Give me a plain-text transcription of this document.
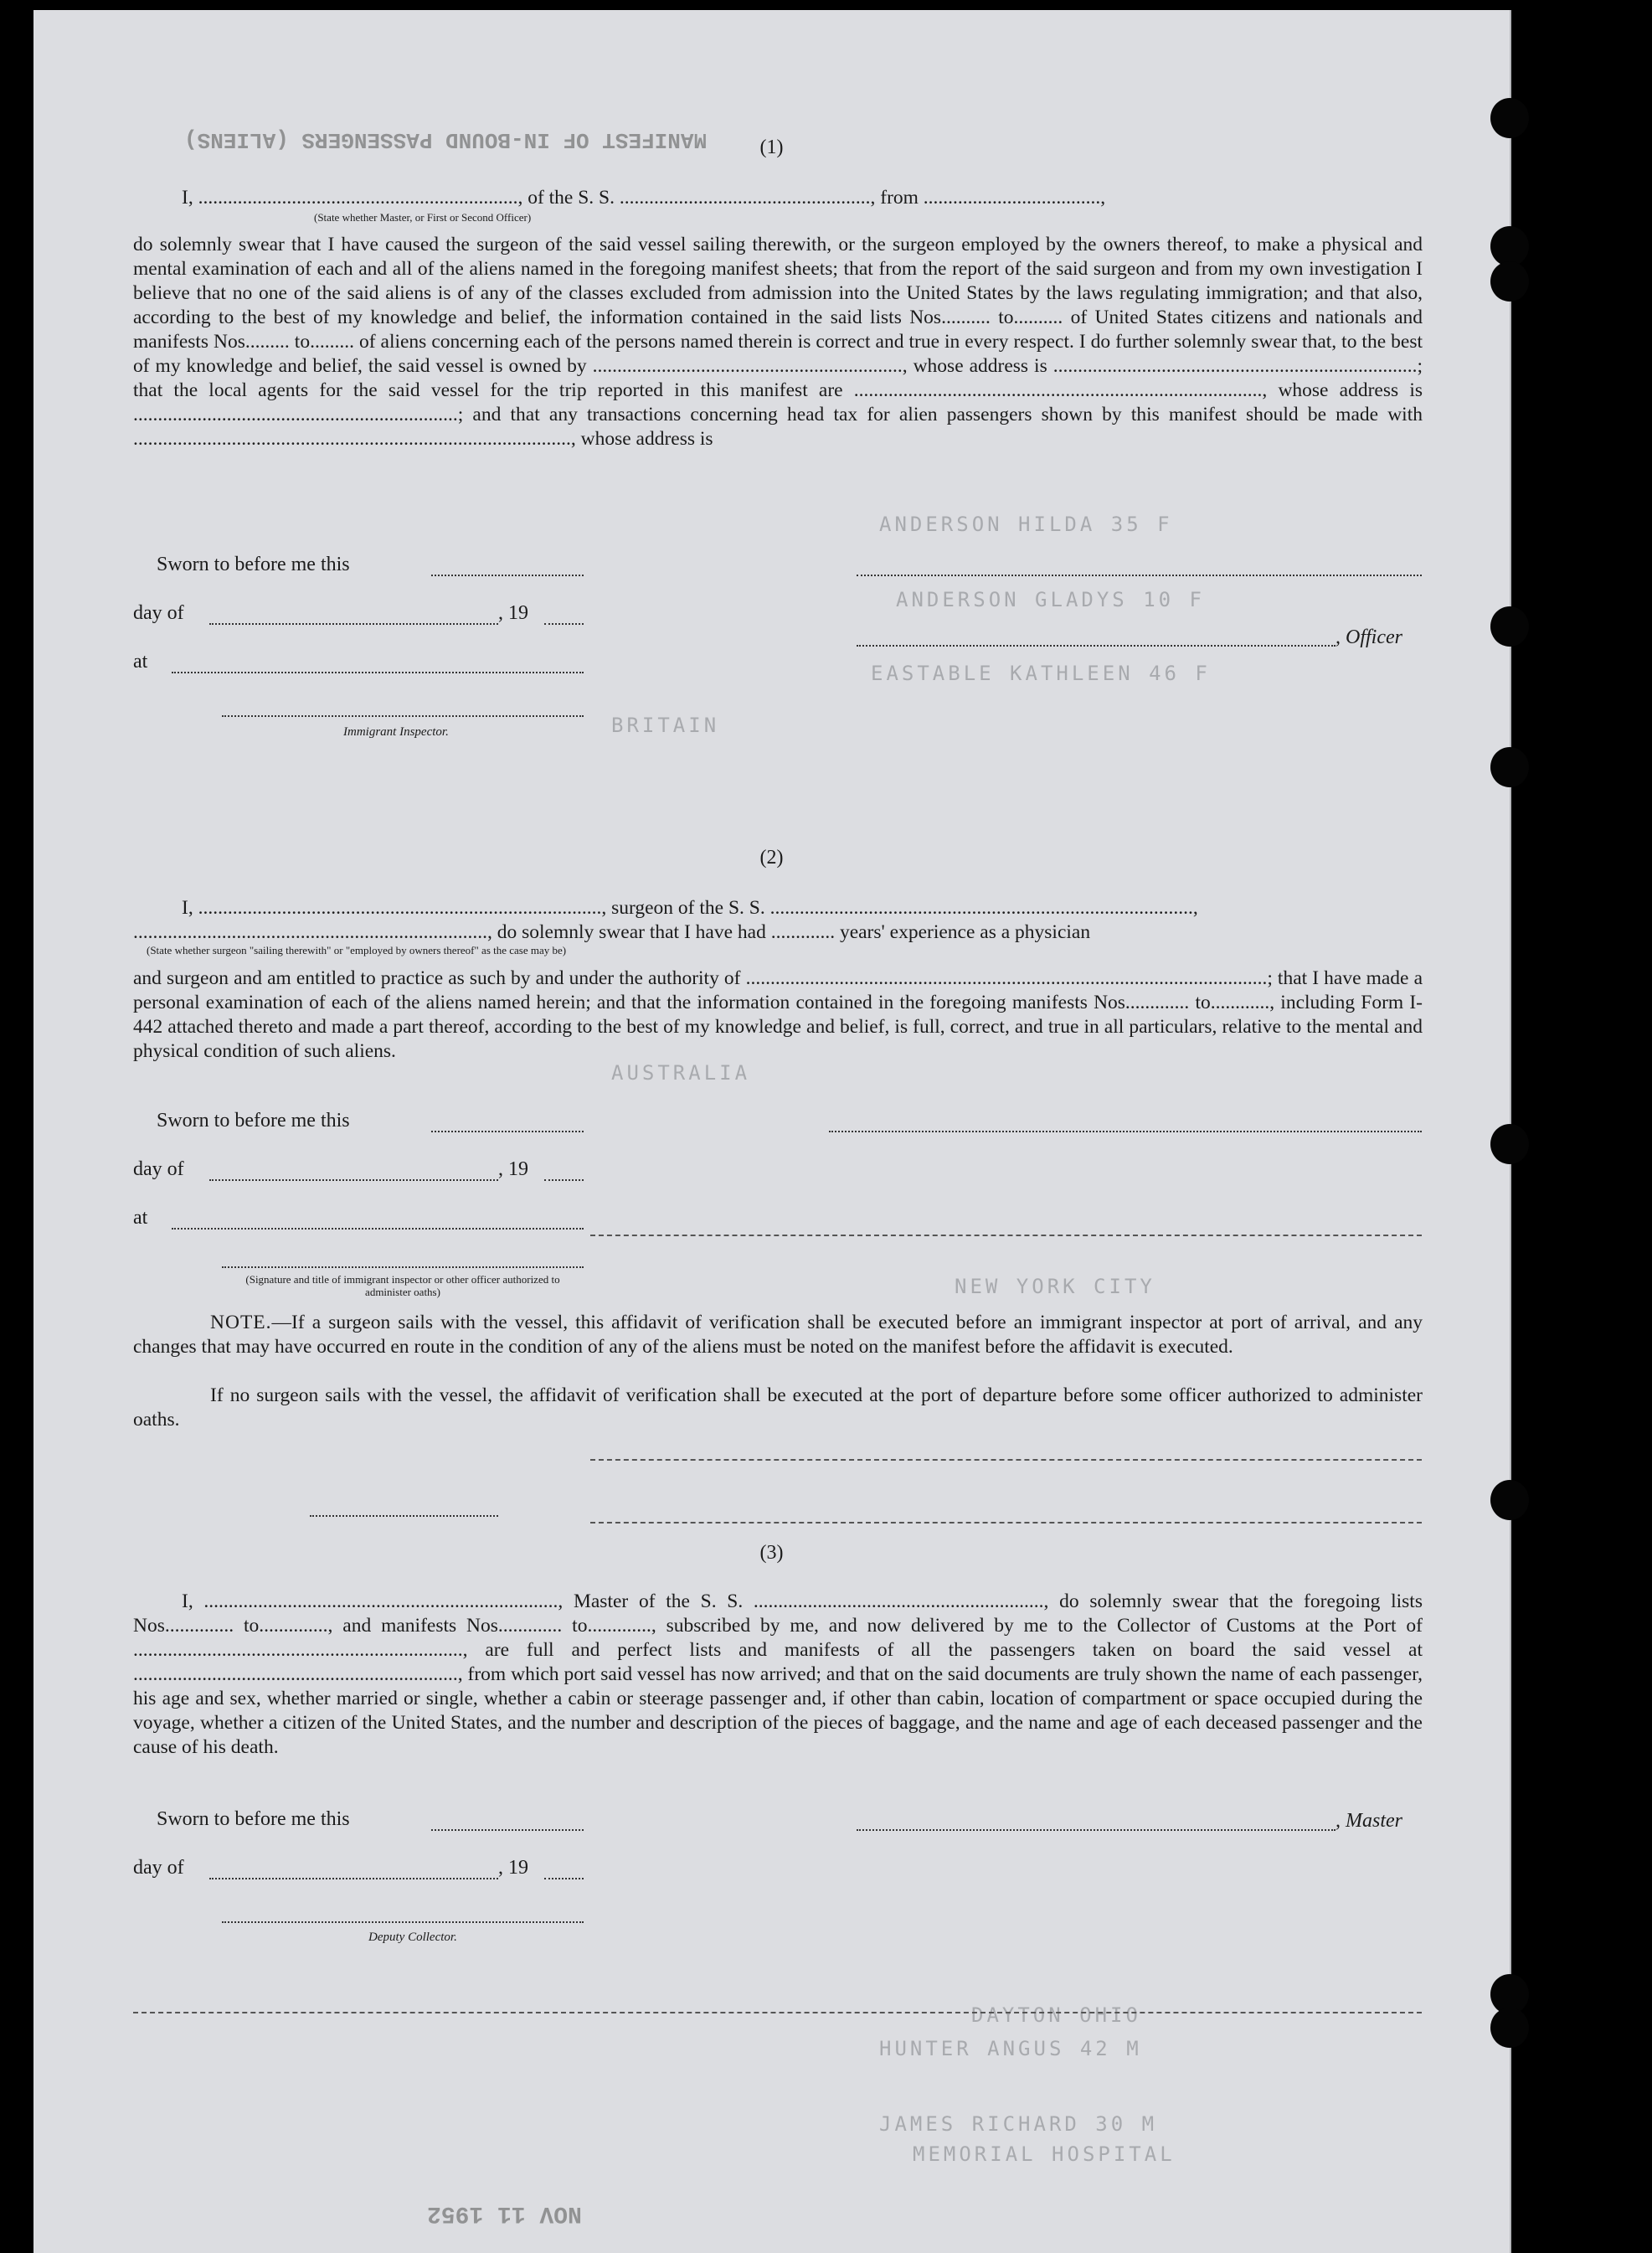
MANIFEST OF IN-BOUND PASSENGERS (ALIENS)
ANDERSON HILDA 35 F
ANDERSON GLADYS 10 F
EASTABLE KATHLEEN 46 F
BRITAIN
AUSTRALIA
NEW YORK CITY
HUNTER ANGUS 42 M
JAMES RICHARD 30 M
MEMORIAL HOSPITAL
DAYTON OHIO
NOV 11 1952
(1)
I, ................................................................., of the S. S. ..................................................., from ....................................,
(State whether Master, or First or Second Officer)
do solemnly swear that I have caused the surgeon of the said vessel sailing therewith, or the surgeon employed by the owners thereof, to make a physical and mental examination of each and all of the aliens named in the foregoing manifest sheets; that from the report of the said surgeon and from my own investigation I believe that no one of the said aliens is of any of the classes excluded from admission into the United States by the laws regulating immigration; and that also, according to the best of my knowledge and belief, the information contained in the said lists Nos.......... to.......... of United States citizens and nationals and manifests Nos......... to......... of aliens concerning each of the persons named therein is correct and true in every respect. I do further solemnly swear that, to the best of my knowledge and belief, the said vessel is owned by ..............................................................., whose address is ..........................................................................; that the local agents for the said vessel for the trip reported in this manifest are ..................................................................................., whose address is ..................................................................; and that any transactions concerning head tax for alien passengers shown by this manifest should be made with ........................................................................................., whose address is
Sworn to before me this
day of	, 19
, Officer
at
Immigrant Inspector.
(2)
I, .................................................................................., surgeon of the S. S. ......................................................................................,
........................................................................, do solemnly swear that I have had ............. years' experience as a physician
(State whether surgeon "sailing therewith" or "employed by owners thereof" as the case may be)
and surgeon and am entitled to practice as such by and under the authority of ..........................................................................................................; that I have made a personal examination of each of the aliens named herein; and that the information contained in the foregoing manifests Nos............. to............, including Form I-442 attached thereto and made a part thereof, according to the best of my knowledge and belief, is full, correct, and true in all particulars, relative to the mental and physical condition of such aliens.
Sworn to before me this
day of	, 19
at
(Signature and title of immigrant inspector or other officer authorized to administer oaths)
NOTE.—If a surgeon sails with the vessel, this affidavit of verification shall be executed before an immigrant inspector at port of arrival, and any changes that may have occurred en route in the condition of any of the aliens must be noted on the manifest before the affidavit is executed.
If no surgeon sails with the vessel, the affidavit of verification shall be executed at the port of departure before some officer authorized to administer oaths.
(3)
I, ........................................................................, Master of the S. S. ..........................................................., do solemnly swear that the foregoing lists Nos.............. to.............., and manifests Nos............. to............., subscribed by me, and now delivered by me to the Collector of Customs at the Port of ..................................................................., are full and perfect lists and manifests of all the passengers taken on board the said vessel at .................................................................., from which port said vessel has now arrived; and that on the said documents are truly shown the name of each passenger, his age and sex, whether married or single, whether a cabin or steerage passenger and, if other than cabin, location of compartment or space occupied during the voyage, whether a citizen of the United States, and the number and description of the pieces of baggage, and the name and age of each deceased passenger and the cause of his death.
Sworn to before me this	, Master
day of	, 19
Deputy Collector.
